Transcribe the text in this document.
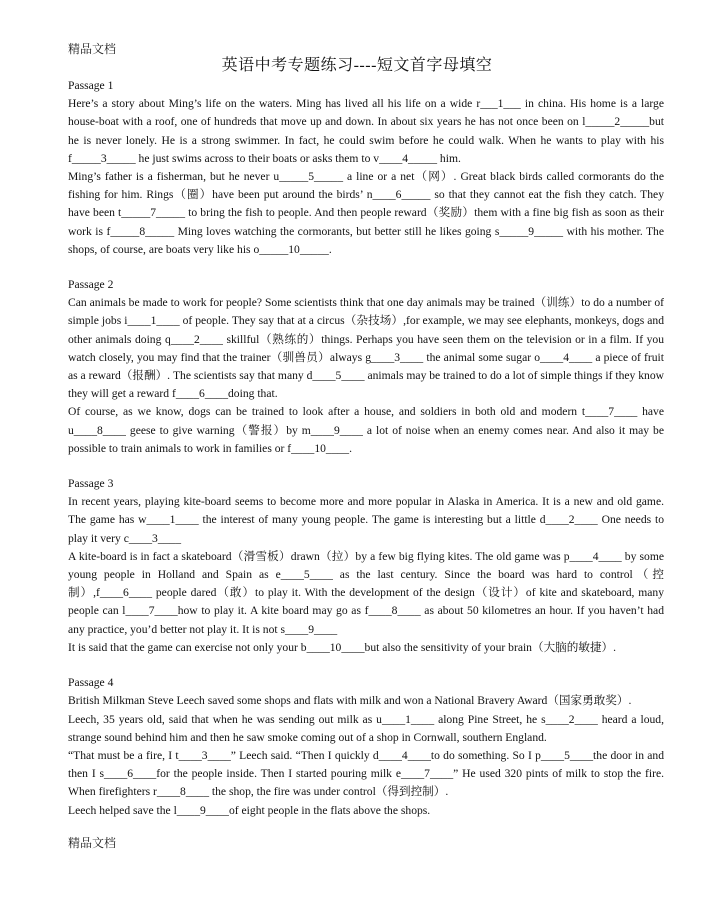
精品文档
英语中考专题练习----短文首字母填空

Passage 1

Here’s a story about Ming’s life on the waters. Ming has lived all his life on a wide r___1___ in china. His home is a large house-boat with a roof, one of hundreds that move up and down. In about six years he has not once been on l_____2_____but he is never lonely. He is a strong swimmer. In fact, he could swim before he could walk. When he wants to play with his f_____3_____ he just swims across to their boats or asks them to v____4_____ him.

Ming’s father is a fisherman, but he never u_____5_____ a line or a net（网）. Great black birds called cormorants do the fishing for him. Rings（圈）have been put around the birds’ n____6_____ so that they cannot eat the fish they catch. They have been t_____7_____ to bring the fish to people. And then people reward（奖励）them with a fine big fish as soon as their work is f_____8_____ Ming loves watching the cormorants, but better still he likes going s_____9_____ with his mother. The shops, of course, are boats very like his o_____10_____.

Passage 2

Can animals be made to work for people? Some scientists think that one day animals may be trained（训练）to do a number of simple jobs i____1____ of people. They say that at a circus（杂技场）,for example, we may see elephants, monkeys, dogs and other animals doing q____2____ skillful（熟练的）things. Perhaps you have seen them on the television or in a film. If you watch closely, you may find that the trainer（驯兽员）always g____3____ the animal some sugar o____4____ a piece of fruit as a reward（报酬）. The scientists say that many d____5____ animals may be trained to do a lot of simple things if they know they will get a reward f____6____doing that.

Of course, as we know, dogs can be trained to look after a house, and soldiers in both old and modern t____7____ have u____8____ geese to give warning（警报）by m____9____ a lot of noise when an enemy comes near. And also it may be possible to train animals to work in families or f____10____.

Passage 3

In recent years, playing kite-board seems to become more and more popular in Alaska in America. It is a new and old game. The game has w____1____ the interest of many young people. The game is interesting but a little d____2____ One needs to play it very c____3____

A kite-board is in fact a skateboard（滑雪板）drawn（拉）by a few big flying kites. The old game was p____4____ by some young people in Holland and Spain as e____5____ as the last century. Since the board was hard to control（控制）,f____6____ people dared（敢）to play it. With the development of the design（设计）of kite and skateboard, many people can l____7____how to play it. A kite board may go as f____8____ as about 50 kilometres an hour. If you haven’t had any practice, you’d better not play it. It is not s____9____

It is said that the game can exercise not only your b____10____but also the sensitivity of your brain（大脑的敏捷）.

Passage 4

British Milkman Steve Leech saved some shops and flats with milk and won a National Bravery Award（国家勇敢奖）.

Leech, 35 years old, said that when he was sending out milk as u____1____ along Pine Street, he s____2____ heard a loud, strange sound behind him and then he saw smoke coming out of a shop in Cornwall, southern England.

“That must be a fire, I t____3____” Leech said. “Then I quickly d____4____to do something. So I p____5____the door in and then I s____6____for the people inside. Then I started pouring milk e____7____” He used 320 pints of milk to stop the fire. When firefighters r____8____ the shop, the fire was under control（得到控制）.

Leech helped save the l____9____of eight people in the flats above the shops.

精品文档
